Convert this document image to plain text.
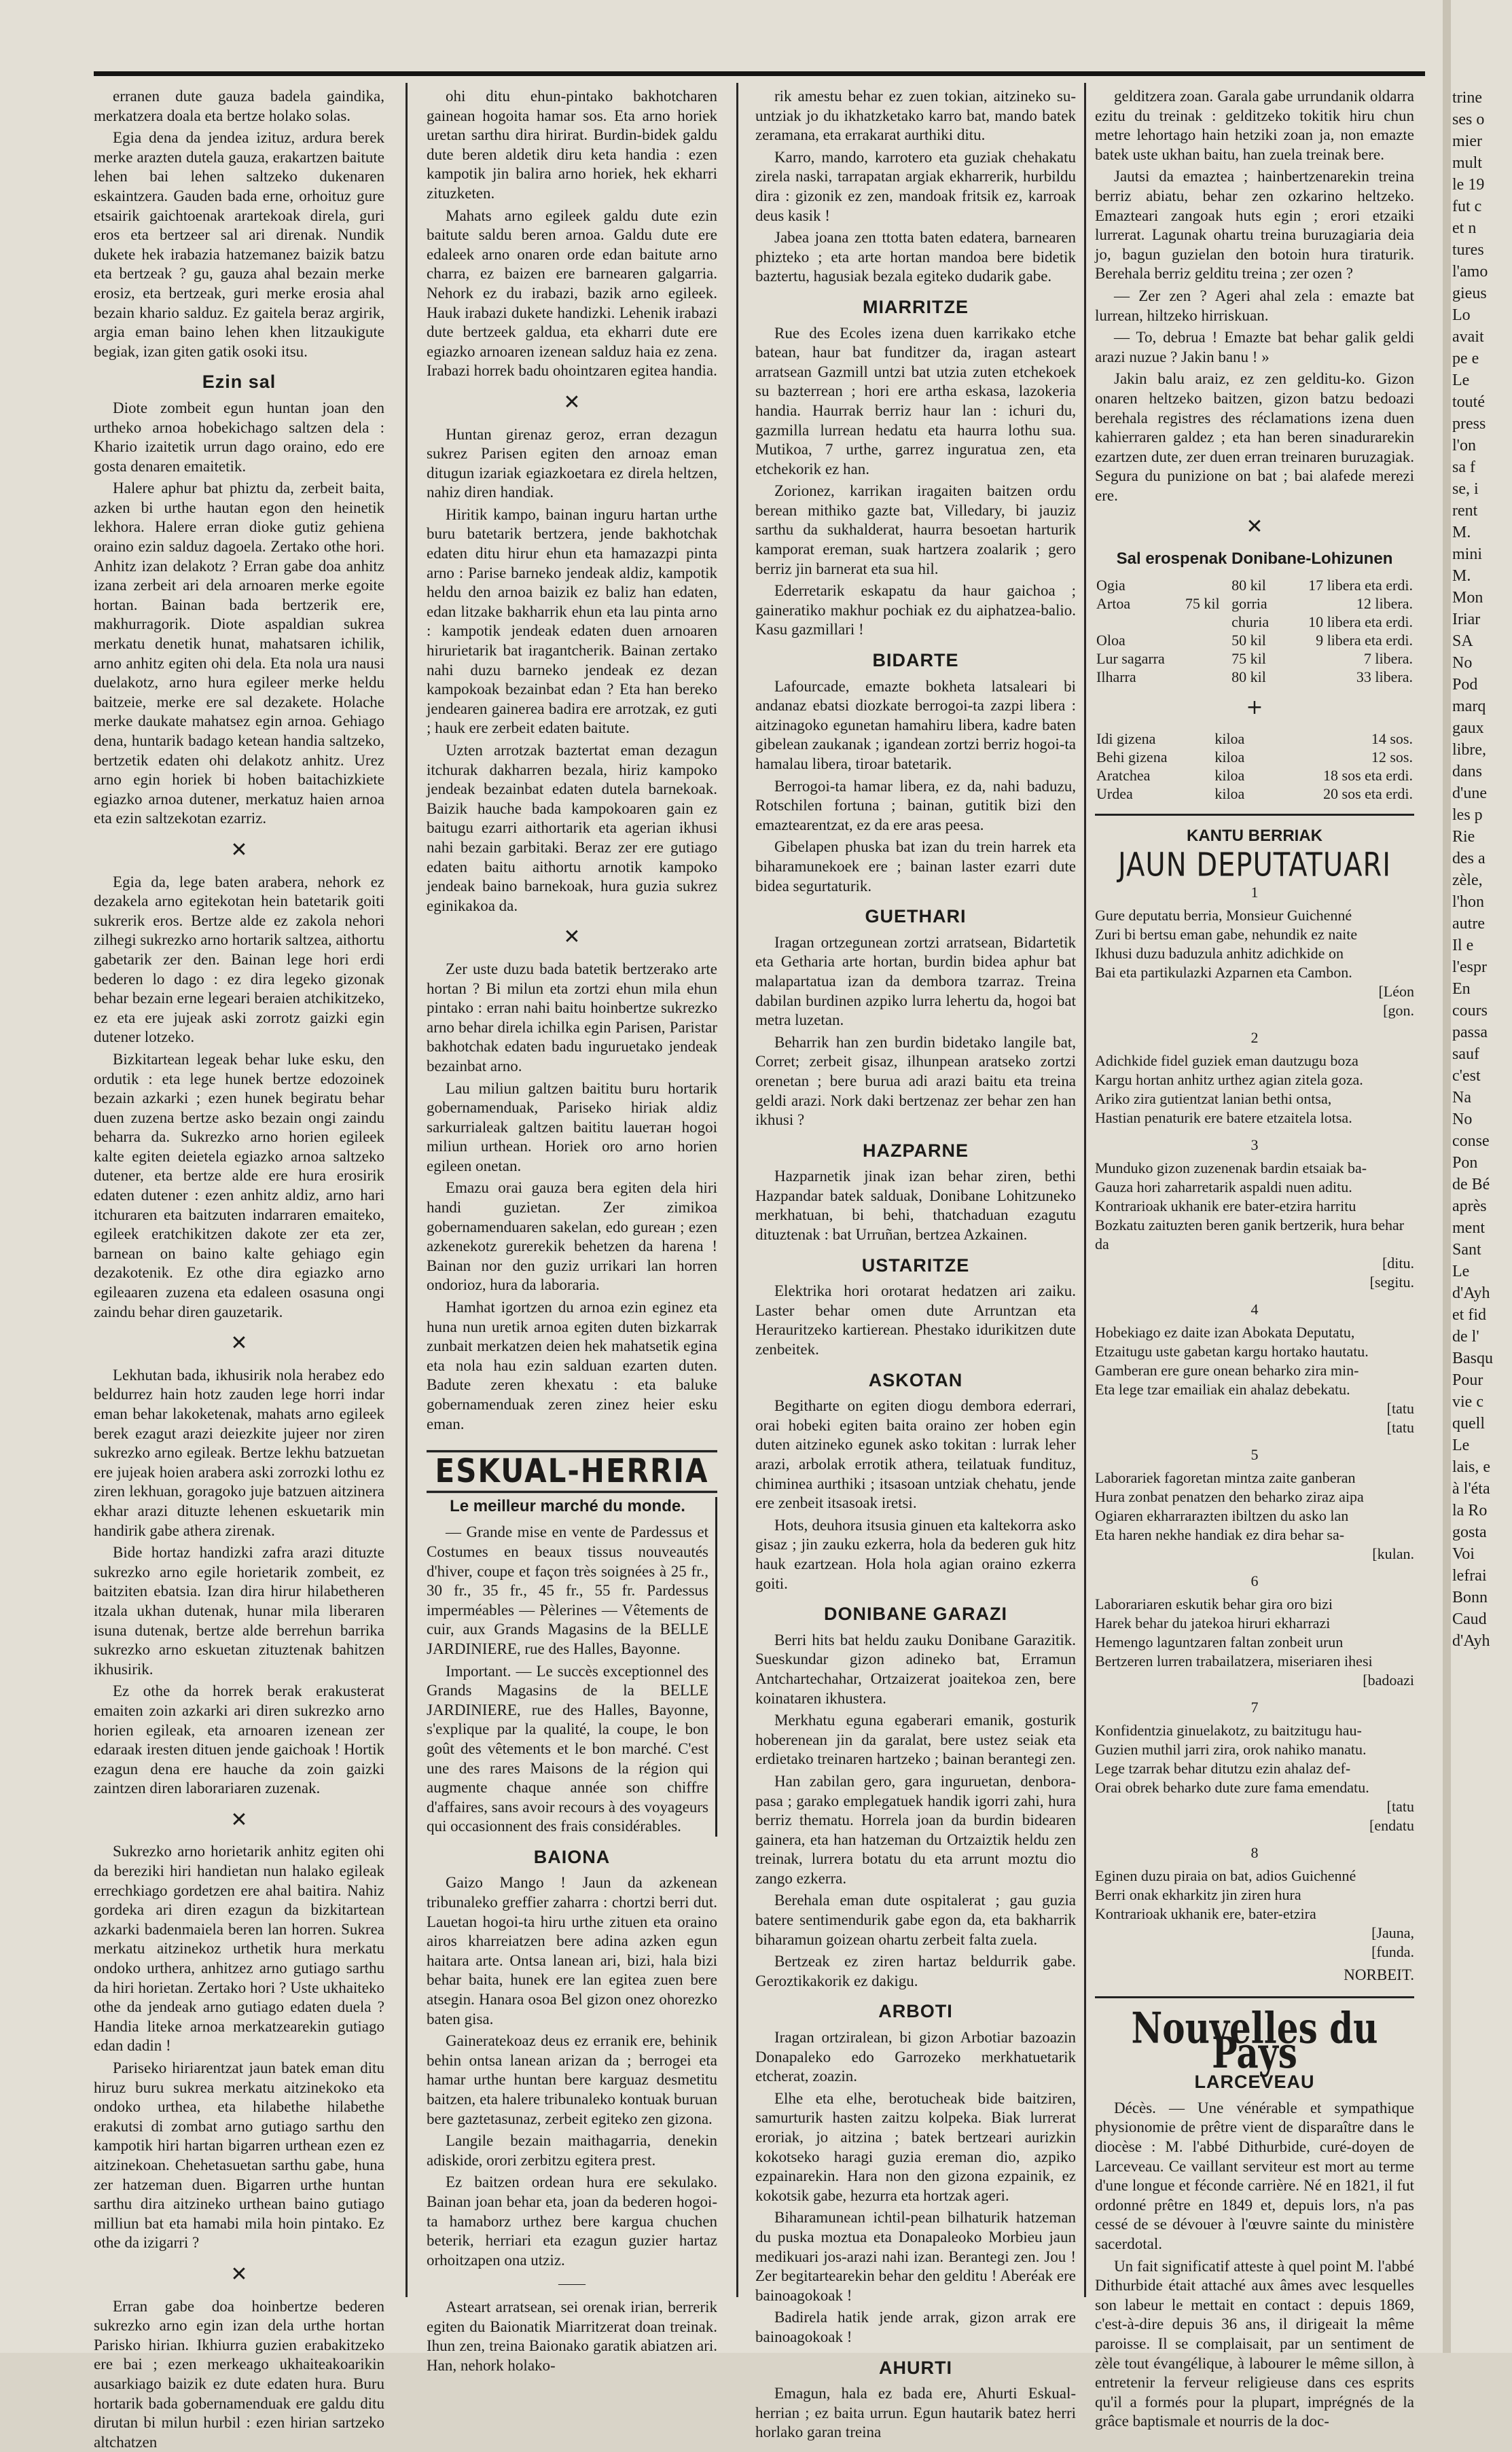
erranen dute gauza badela gaindika, merkatzera doala eta bertze holako solas.

Egia dena da jendea izituz, ardura berek merke arazten dutela gauza, erakartzen baitute lehen bai lehen saltzeko dukenaren eskaintzera. Gauden bada erne, orhoituz gure etsairik gaichtoenak arartekoak direla, guri eros eta bertzeer sal ari direnak. Nundik dukete hek irabazia hatzemanez baizik batzu eta bertzeak ? gu, gauza ahal bezain merke erosiz, eta bertzeak, guri merke erosia ahal bezain khario salduz. Ez gaitela beraz argirik, argia eman baino lehen khen litzaukigute begiak, izan giten gatik osoki itsu.

Ezin sal

Diote zombeit egun huntan joan den urtheko arnoa hobekichago saltzen dela : Khario izaitetik urrun dago oraino, edo ere gosta denaren emaitetik.

Halere aphur bat phiztu da, zerbeit baita, azken bi urthe hautan egon den heinetik lekhora. Halere erran dioke gutiz gehiena oraino ezin salduz dagoela. Zertako othe hori. Anhitz izan delakotz ? Erran gabe doa anhitz izana zerbeit ari dela arnoaren merke egoite hortan. Bainan bada bertzerik ere, makhurragorik. Diote aspaldian sukrea merkatu denetik hunat, mahatsaren ichilik, arno anhitz egiten ohi dela. Eta nola ura nausi duelakotz, arno hura egileer merke heldu baitzeie, merke ere sal dezakete. Holache merke daukate mahatsez egin arnoa. Gehiago dena, huntarik badago ketean handia saltzeko, bertzetik edaten ohi delakotz anhitz. Urez arno egin horiek bi hoben baitachizkiete egiazko arnoa dutener, merkatuz haien arnoa eta ezin saltzekotan ezarriz.

✕

Egia da, lege baten arabera, nehork ez dezakela arno egitekotan hein batetarik goiti sukrerik eros. Bertze alde ez zakola nehori zilhegi sukrezko arno hortarik saltzea, aithortu gabetarik zer den. Bainan lege hori erdi bederen lo dago : ez dira legeko gizonak behar bezain erne legeari beraien atchikitzeko, ez eta ere jujeak aski zorrotz gaizki egin dutener lotzeko.

Bizkitartean legeak behar luke esku, den ordutik : eta lege hunek bertze edozoinek bezain azkarki ; ezen hunek begiratu behar duen zuzena bertze asko bezain ongi zaindu beharra da. Sukrezko arno horien egileek kalte egiten deietela egiazko arnoa saltzeko dutener, eta bertze alde ere hura erosirik edaten dutener : ezen anhitz aldiz, arno hari itchuraren eta baitzuten indarraren emaiteko, egileek eratchikitzen dakote zer eta zer, barnean on baino kalte gehiago egin dezakotenik. Ez othe dira egiazko arno egileaaren zuzena eta edaleen osasuna ongi zaindu behar diren gauzetarik.

✕

Lekhutan bada, ikhusirik nola herabez edo beldurrez hain hotz zauden lege horri indar eman behar lakoketenak, mahats arno egileek berek ezagut arazi deiezkite jujeer nor ziren sukrezko arno egileak. Bertze lekhu batzuetan ere jujeak hoien arabera aski zorrozki lothu ez ziren lekhuan, goragoko juje batzuen aitzinera ekhar arazi dituzte lehenen eskuetarik min handirik gabe athera zirenak.

Bide hortaz handizki zafra arazi dituzte sukrezko arno egile horietarik zombeit, ez baitziten ebatsia. Izan dira hirur hilabetheren itzala ukhan dutenak, hunar mila liberaren isuna dutenak, bertze alde berrehun barrika sukrezko arno eskuetan zituztenak bahitzen ikhusirik.

Ez othe da horrek berak erakusterat emaiten zoin azkarki ari diren sukrezko arno horien egileak, eta arnoaren izenean zer edaraak iresten dituen jende gaichoak ! Hortik ezagun dena ere hauche da zoin gaizki zaintzen diren laborariaren zuzenak.

✕

Sukrezko arno horietarik anhitz egiten ohi da bereziki hiri handietan nun halako egileak errechkiago gordetzen ere ahal baitira. Nahiz gordeka ari diren ezagun da bizkitartean azkarki badenmaiela beren lan horren. Sukrea merkatu aitzinekoz urthetik hura merkatu ondoko urthera, anhitzez arno gutiago sarthu da hiri horietan. Zertako hori ? Uste ukhaiteko othe da jendeak arno gutiago edaten duela ? Handia liteke arnoa merkatzearekin gutiago edan dadin !

Pariseko hiriarentzat jaun batek eman ditu hiruz buru sukrea merkatu aitzinekoko eta ondoko urthea, eta hilabethe hilabethe erakutsi di zombat arno gutiago sarthu den kampotik hiri hartan bigarren urthean ezen ez aitzinekoan. Chehetasuetan sarthu gabe, huna zer hatzeman duen. Bigarren urthe huntan sarthu dira aitzineko urthean baino gutiago milliun bat eta hamabi mila hoin pintako. Ez othe da izigarri ?

✕

Erran gabe doa hoinbertze bederen sukrezko arno egin izan dela urthe hortan Parisko hirian. Ikhiurra guzien erabakitzeko ere bai ; ezen merkeago ukhaiteakoarikin ausarkiago baizik ez dute edaten hura. Buru hortarik bada gobernamenduak ere galdu ditu dirutan bi milun hurbil : ezen hirian sartzeko altchatzen

ohi ditu ehun-pintako bakhotcharen gainean hogoita hamar sos. Eta arno horiek uretan sarthu dira hirirat. Burdin-bidek galdu dute beren aldetik diru keta handia : ezen kampotik jin balira arno horiek, hek ekharri zituzketen.

Mahats arno egileek galdu dute ezin baitute saldu beren arnoa. Galdu dute ere edaleek arno onaren orde edan baitute arno charra, ez baizen ere barnearen galgarria. Nehork ez du irabazi, bazik arno egileek. Hauk irabazi dukete handizki. Lehenik irabazi dute bertzeek galdua, eta ekharri dute ere egiazko arnoaren izenean salduz haia ez zena. Irabazi horrek badu ohointzaren egitea handia.

✕

Huntan girenaz geroz, erran dezagun sukrez Parisen egiten den arnoaz eman ditugun izariak egiazkoetara ez direla heltzen, nahiz diren handiak.

Hiritik kampo, bainan inguru hartan urthe buru batetarik bertzera, jende bakhotchak edaten ditu hirur ehun eta hamazazpi pinta arno : Parise barneko jendeak aldiz, kampotik heldu den arnoa baizik ez baliz han edaten, edan litzake bakharrik ehun eta lau pinta arno : kampotik jendeak edaten duen arnoaren hirurietarik bat iragantcherik. Bainan zertako nahi duzu barneko jendeak ez dezan kampokoak bezainbat edan ? Eta han bereko jendearen gainerea badira ere arrotzak, ez guti ; hauk ere zerbeit edaten baitute.

Uzten arrotzak baztertat eman dezagun itchurak dakharren bezala, hiriz kampoko jendeak bezainbat edaten dutela barnekoak. Baizik hauche bada kampokoaren gain ez baitugu ezarri aithortarik eta agerian ikhusi nahi bezain garbitaki. Beraz zer ere gutiago edaten baitu aithortu arnotik kampoko jendeak baino barnekoak, hura guzia sukrez eginikakoa da.

✕

Zer uste duzu bada batetik bertzerako arte hortan ? Bi milun eta zortzi ehun mila ehun pintako : erran nahi baitu hoinbertze sukrezko arno behar direla ichilka egin Parisen, Paristar bakhotchak edaten badu inguruetako jendeak bezainbat arno.

Lau miliun galtzen baititu buru hortarik gobernamenduak, Pariseko hiriak aldiz sarkurrialeak galtzen baititu laueтан hogoi miliun urthean. Horiek oro arno horien egileen onetan.

Emazu orai gauza bera egiten dela hiri handi guzietan. Zer zimikoa gobernamenduaren sakelan, edo gureaн ; ezen azkenekotz gurerekik behetzen da harena ! Bainan nor den guziz urrikari lan horren ondorioz, hura da laboraria.

Hamhat igortzen du arnoa ezin eginez eta huna nun uretik arnoa egiten duten bizkarrak zunbait merkatzen deien hek mahatsetik egina eta nola hau ezin salduan ezarten duten. Badute zeren khexatu : eta baluke gobernamenduak zeren zinez heier esku eman.

ESKUAL-HERRIA
Le meilleur marché du monde.

— Grande mise en vente de Pardessus et Costumes en beaux tissus nouveautés d'hiver, coupe et façon très soignées à 25 fr., 30 fr., 35 fr., 45 fr., 55 fr. Pardessus imperméables — Pèlerines — Vêtements de cuir, aux Grands Magasins de la BELLE JARDINIERE, rue des Halles, Bayonne.

Important. — Le succès exceptionnel des Grands Magasins de la BELLE JARDINIERE, rue des Halles, Bayonne, s'explique par la qualité, la coupe, le bon goût des vêtements et le bon marché. C'est une des rares Maisons de la région qui augmente chaque année son chiffre d'affaires, sans avoir recours à des voyageurs qui occasionnent des frais considérables.

BAIONA

Gaizo Mango ! Jaun da azkenean tribunaleko greffier zaharra : chortzi berri dut. Lauetan hogoi-ta hiru urthe zituen eta oraino airos kharreiatzen bere adina azken egun haitara arte. Ontsa lanean ari, bizi, hala bizi behar baita, hunek ere lan egitea zuen bere atsegin. Hanara osoa Bel gizon onez ohorezko baten gisa.

Gaineratekoaz deus ez erranik ere, behinik behin ontsa lanean arizan da ; berrogei eta hamar urthe huntan bere karguaz desmetitu baitzen, eta halere tribunaleko kontuak buruan bere gaztetasunaz, zerbeit egiteko zen gizona.

Langile bezain maithagarria, denekin adiskide, orori zerbitzu egitera prest.

Ez baitzen ordean hura ere sekulako. Bainan joan behar eta, joan da bederen hogoi-ta hamaborz urthez bere kargua chuchen beterik, herriari eta ezagun guzier hartaz orhoitzapen ona utziz.

——

Asteart arratsean, sei orenak irian, berrerik egiten du Baionatik Miarritzerat doan treinak. Ihun zen, treina Baionako garatik abiatzen ari. Han, nehork holako-

rik amestu behar ez zuen tokian, aitzineko su-untziak jo du ikhatzketako karro bat, mando batek zeramana, eta errakarat aurthiki ditu.

Karro, mando, karrotero eta guziak chehakatu zirela naski, tarrapatan argiak ekharrerik, hurbildu dira : gizonik ez zen, mandoak fritsik ez, karroak deus kasik !

Jabea joana zen ttotta baten edatera, barnearen phizteko ; eta arte hortan mandoa bere bidetik baztertu, hagusiak bezala egiteko dudarik gabe.

MIARRITZE

Rue des Ecoles izena duen karrikako etche batean, haur bat funditzer da, iragan asteart arratsean Gazmill untzi bat utzia zuten etchekoek su bazterrean ; hori ere artha eskasa, lazokeria handia. Haurrak berriz haur lan : ichuri du, gazmilla lurrean hedatu eta haurra lothu sua. Mutikoa, 7 urthe, garrez inguratua zen, eta etchekorik ez han.

Zorionez, karrikan iragaiten baitzen ordu berean mithiko gazte bat, Villedary, bi jauziz sarthu da sukhalderat, haurra besoetan harturik kamporat ereman, suak hartzera zoalarik ; gero berriz jin barnerat eta sua hil.

Ederretarik eskapatu da haur gaichoa ; gaineratiko makhur pochiak ez du aiphatzea-balio. Kasu gazmillari !

BIDARTE

Lafourcade, emazte bokheta latsaleari bi andanaz ebatsi diozkate berrogoi-ta zazpi libera : aitzinagoko egunetan hamahiru libera, kadre baten gibelean zaukanak ; igandean zortzi berriz hogoi-ta hamalau libera, tiroar batetarik.

Berrogoi-ta hamar libera, ez da, nahi baduzu, Rotschilen fortuna ; bainan, gutitik bizi den emaztearentzat, ez da ere aras peesa.

Gibelapen phuska bat izan du trein harrek eta biharamunekoek ere ; bainan laster ezarri dute bidea segurtaturik.

GUETHARI

Iragan ortzegunean zortzi arratsean, Bidartetik eta Getharia arte hortan, burdin bidea aphur bat malapartatua izan da dembora tzarraz. Treina dabilan burdinen azpiko lurra lehertu da, hogoi bat metra luzetan.

Beharrik han zen burdin bidetako langile bat, Corret; zerbeit gisaz, ilhunpean aratseko zortzi orenetan ; bere burua adi arazi baitu eta treina geldi arazi. Nork daki bertzenaz zer behar zen han ikhusi ?

HAZPARNE

Hazparnetik jinak izan behar ziren, bethi Hazpandar batek salduak, Donibane Lohitzuneko merkhatuan, bi behi, thatchaduan ezagutu dituztenak : bat Urruñan, bertzea Azkainen.

USTARITZE

Elektrika hori orotarat hedatzen ari zaiku. Laster behar omen dute Arruntzan eta Herauritzeko kartierean. Phestako idurikitzen dute zenbeitek.

ASKOTAN

Begitharte on egiten diogu dembora ederrari, orai hobeki egiten baita oraino zer hoben egin duten aitzineko egunek asko tokitan : lurrak leher arazi, arbolak errotik athera, teilatuak fundituz, chiminea aurthiki ; itsasoan untziak chehatu, jende ere zenbeit itsasoak iretsi.

Hots, deuhora itsusia ginuen eta kaltekorra asko gisaz ; jin zauku ezkerra, hola da bederen guk hitz hauk ezartzean. Hola hola agian oraino ezkerra goiti.

DONIBANE GARAZI

Berri hits bat heldu zauku Donibane Garazitik. Sueskundar gizon adineko bat, Erramun Antchartechahar, Ortzaizerat joaitekoa zen, bere koinataren ikhustera.

Merkhatu eguna egaberari emanik, gosturik hoberenean jin da garalat, bere ustez seiak eta erdietako treinaren hartzeko ; bainan berantegi zen.

Han zabilan gero, gara inguruetan, denbora-pasa ; garako emplegatuek handik igorri zahi, hura berriz thematu. Horrela joan da burdin bidearen gainera, eta han hatzeman du Ortzaiztik heldu zen treinak, lurrera botatu du eta arrunt moztu dio zango ezkerra.

Berehala eman dute ospitalerat ; gau guzia batere sentimendurik gabe egon da, eta bakharrik biharamun goizean ohartu zerbeit falta zuela.

Bertzeak ez ziren hartaz beldurrik gabe. Geroztikakorik ez dakigu.

ARBOTI

Iragan ortziralean, bi gizon Arbotiar bazoazin Donapaleko edo Garrozeko merkhatuetarik etcherat, zoazin.

Elhe eta elhe, berotucheak bide baitziren, samurturik hasten zaitzu kolpeka. Biak lurrerat eroriak, jo aitzina ; batek bertzeari aurizkin kokotseko haragi guzia ereman dio, azpiko ezpainarekin. Hara non den gizona ezpainik, ez kokotsik gabe, hezurra eta hortzak ageri.

Biharamunean ichtil-pean bilhaturik hatzeman du puska moztua eta Donapaleoko Morbieu jaun medikuari jos-arazi nahi izan. Berantegi zen. Jou ! Zer begitartearekin behar den gelditu ! Aberéak ere bainoagokoak !

Badirela hatik jende arrak, gizon arrak ere bainoagokoak !

AHURTI

Emagun, hala ez bada ere, Ahurti Eskual-herrian ; ez baita urrun. Egun hautarik batez herri horlako garan treina

gelditzera zoan. Garala gabe urrundanik oldarra ezitu du treinak : gelditzeko tokitik hiru chun metre lehortago hain hetziki zoan ja, non emazte batek uste ukhan baitu, han zuela treinak bere.

Jautsi da emaztea ; hainbertzenarekin treina berriz abiatu, behar zen ozkarino heltzeko. Emazteari zangoak huts egin ; erori etzaiki lurrerat. Lagunak ohartu treina buruzagiaria deia jo, bagun guzielan den botoin hura tiraturik. Berehala berriz gelditu treina ; zer ozen ?

— Zer zen ? Ageri ahal zela : emazte bat lurrean, hiltzeko hirriskuan.

— To, debrua ! Emazte bat behar galik geldi arazi nuzue ? Jakin banu ! »

Jakin balu araiz, ez zen gelditu-ko. Gizon onaren heltzeko baitzen, gizon batzu bedoazi berehala registres des réclamations izena duen kahierraren galdez ; eta han beren sinadurarekin ezartzen dute, zer duen erran treinaren buruzagiak. Segura du punizione on bat ; bai alafede merezi ere.

✕
Sal erospenak Donibane-Lohizunen
Ogia		80 kil	17 libera eta erdi.
Artoa	75 kil	gorria	12 libera.
		churia	10 libera eta erdi.
Oloa		50 kil	9 libera eta erdi.
Lur sagarra		75 kil	7 libera.
Ilharra		80 kil	33 libera.
+
Idi gizena	kiloa	14 sos.
Behi gizena	kiloa	12 sos.
Aratchea	kiloa	18 sos eta erdi.
Urdea	kiloa	20 sos eta erdi.
KANTU BERRIAK
JAUN DEPUTATUARI
1

Gure deputatu berria, Monsieur Guichenné

Zuri bi bertsu eman gabe, nehundik ez naite

Ikhusi duzu baduzula anhitz adichkide on

Bai eta partikulazki Azparnen eta Cambon.

[Léon

[gon.

2

Adichkide fidel guziek eman dautzugu boza

Kargu hortan anhitz urthez agian zitela goza.

Ariko zira gutientzat lanian bethi ontsa,

Hastian penaturik ere batere etzaitela lotsa.

3

Munduko gizon zuzenenak bardin etsaiak ba-

Gauza hori zaharretarik aspaldi nuen aditu.

Kontrarioak ukhanik ere bater-etzira harritu

Bozkatu zaituzten beren ganik bertzerik, hura behar da

[ditu.

[segitu.

4

Hobekiago ez daite izan Abokata Deputatu,

Etzaitugu uste gabetan kargu hortako hautatu.

Gamberan ere gure onean beharko zira min-

Eta lege tzar emailiak ein ahalaz debekatu.

[tatu

[tatu

5

Laborariek fagoretan mintza zaite ganberan

Hura zonbat penatzen den beharko ziraz aipa

Ogiaren ekharrarazten ibiltzen du asko lan

Eta haren nekhe handiak ez dira behar sa-

[kulan.

6

Laborariaren eskutik behar gira oro bizi

Harek behar du jatekoa hiruri ekharrazi

Hemengo laguntzaren faltan zonbeit urun

Bertzeren lurren trabailatzera, miseriaren ihesi

[badoazi

7

Konfidentzia ginuelakotz, zu baitzitugu hau-

Guzien muthil jarri zira, orok nahiko manatu.

Lege tzarrak behar ditutzu ezin ahalaz def-

Orai obrek beharko dute zure fama emendatu.

[tatu

[endatu

8

Eginen duzu piraia on bat, adios Guichenné

Berri onak ekharkitz jin ziren hura

Kontrarioak ukhanik ere, bater-etzira

[Jauna,

[funda.

NORBEIT.
Nouvelles du Pays
LARCEVEAU

Décès. — Une vénérable et sympathique physionomie de prêtre vient de disparaître dans le diocèse : M. l'abbé Dithurbide, curé-doyen de Larceveau. Ce vaillant serviteur est mort au terme d'une longue et féconde carrière. Né en 1821, il fut ordonné prêtre en 1849 et, depuis lors, n'a pas cessé de se dévouer à l'œuvre sainte du ministère sacerdotal.

Un fait significatif atteste à quel point M. l'abbé Dithurbide était attaché aux âmes avec lesquelles son labeur le mettait en contact : depuis 1869, c'est-à-dire depuis 36 ans, il dirigeait la même paroisse. Il se complaisait, par un sentiment de zèle tout évangélique, à labourer le même sillon, à entretenir la ferveur religieuse dans ces esprits qu'il a formés pour la plupart, imprégnés de la grâce baptismale et nourris de la doc-

trine

ses o

mier

mult

le 19

fut c

et n

tures

l'amo

gieus

Lo

avait

pe e

Le

touté

press

l'on

sa f

se, i

rent

M.

mini

M.

Mon

Iriar

SA

No

Pod

marq

gaux

libre,

dans

d'une

les p

Rie

des a

zèle,

l'hon

autre

Il e

l'espr

En

cours

passa

sauf

c'est

Na

No

conse

Pon

de Bé

après

ment

Sant

Le

d'Ayh

et fid

de l'

Basqu

Pour

vie c

quell

Le

lais, e

à l'éta

la Ro

gosta

Voi

lefrai

Bonn

Caud

d'Ayh
